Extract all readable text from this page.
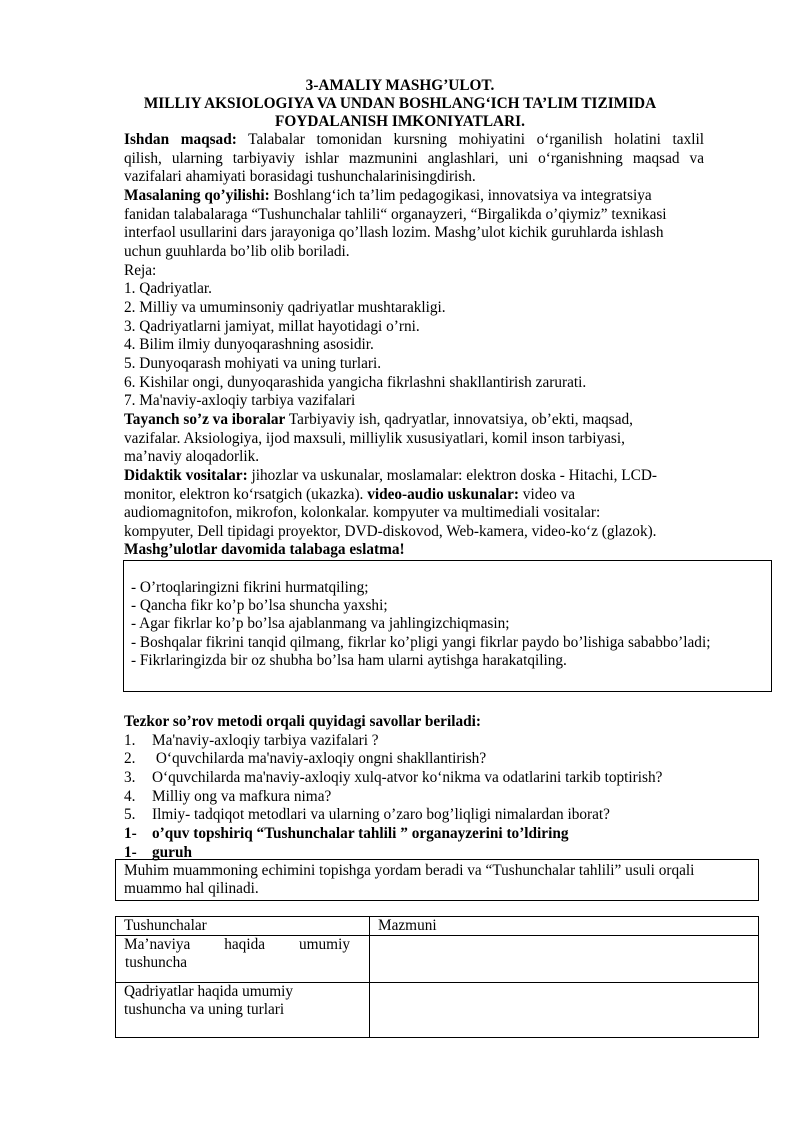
3-AMALIY MASHG’ULOT.
MILLIY AKSIOLOGIYA VA UNDAN BOSHLANG‘ICH TA’LIM TIZIMIDA
FOYDALANISH IMKONIYATLARI.
Ishdan maqsad: Talabalar tomonidan kursning mohiyatini o‘rganilish holatini taxlil
qilish, ularning tarbiyaviy ishlar mazmunini anglashlari, uni o‘rganishning maqsad va
vazifalari ahamiyati borasidagi tushunchalarinisingdirish.
Masalaning qo’yilishi: Boshlang‘ich ta’lim pedagogikasi, innovatsiya va integratsiya
fanidan talabalaraga “Tushunchalar tahlili“ organayzeri, “Birgalikda o’qiymiz” texnikasi
interfaol usullarini dars jarayoniga qo’llash lozim. Mashg’ulot kichik guruhlarda ishlash
uchun guuhlarda bo’lib olib boriladi.
Reja:
1. Qadriyatlar.
2. Milliy va umuminsoniy qadriyatlar mushtarakligi.
3. Qadriyatlarni jamiyat, millat hayotidagi o’rni.
4. Bilim ilmiy dunyoqarashning asosidir.
5. Dunyoqarash mohiyati va uning turlari.
6. Kishilar ongi, dunyoqarashida yangicha fikrlashni shakllantirish zarurati.
7. Ma'naviy-axloqiy tarbiya vazifalari
Tayanch so’z va iboralar Tarbiyaviy ish, qadryatlar, innovatsiya, ob’ekti, maqsad,
vazifalar. Aksiologiya, ijod maxsuli, milliylik xususiyatlari, komil inson tarbiyasi,
ma’naviy aloqadorlik.
Didaktik vositalar: jihozlar va uskunalar, moslamalar: elektron doska - Hitachi, LCD-
monitor, elektron ko‘rsatgich (ukazka). video-audio uskunalar: video va
audiomagnitofon, mikrofon, kolonkalar. kompyuter va multimediali vositalar:
kompyuter, Dell tipidagi proyektor, DVD-diskovod, Web-kamera, video-ko‘z (glazok).
Mashg’ulotlar davomida talabaga eslatma!
- O’rtoqlaringizni fikrini hurmatqiling;
- Qancha fikr ko’p bo’lsa shuncha yaxshi;
- Agar fikrlar ko’p bo’lsa ajablanmang va jahlingizchiqmasin;
- Boshqalar fikrini tanqid qilmang, fikrlar ko’pligi yangi fikrlar paydo bo’lishiga sababbo’ladi;
- Fikrlaringizda bir oz shubha bo’lsa ham ularni aytishga harakatqiling.
Tezkor so’rov metodi orqali quyidagi savollar beriladi:
1. Ma'naviy-axloqiy tarbiya vazifalari ?
2. O‘quvchilarda ma'naviy-axloqiy ongni shakllantirish?
3. O‘quvchilarda ma'naviy-axloqiy xulq-atvor ko‘nikma va odatlarini tarkib toptirish?
4. Milliy ong va mafkura nima?
5. Ilmiy- tadqiqot metodlari va ularning o’zaro bog’liqligi nimalardan iborat?
1- o’quv topshiriq “Tushunchalar tahlili ” organayzerini to’ldiring
1- guruh
Muhim muammoning echimini topishga yordam beradi va “Tushunchalar tahlili” usuli orqali
muammo hal qilinadi.
Tushunchalar	Mazmuni

Ma’naviya haqida umumiy
tushuncha	

Qadriyatlar haqida umumiy
tushuncha va uning turlari	
